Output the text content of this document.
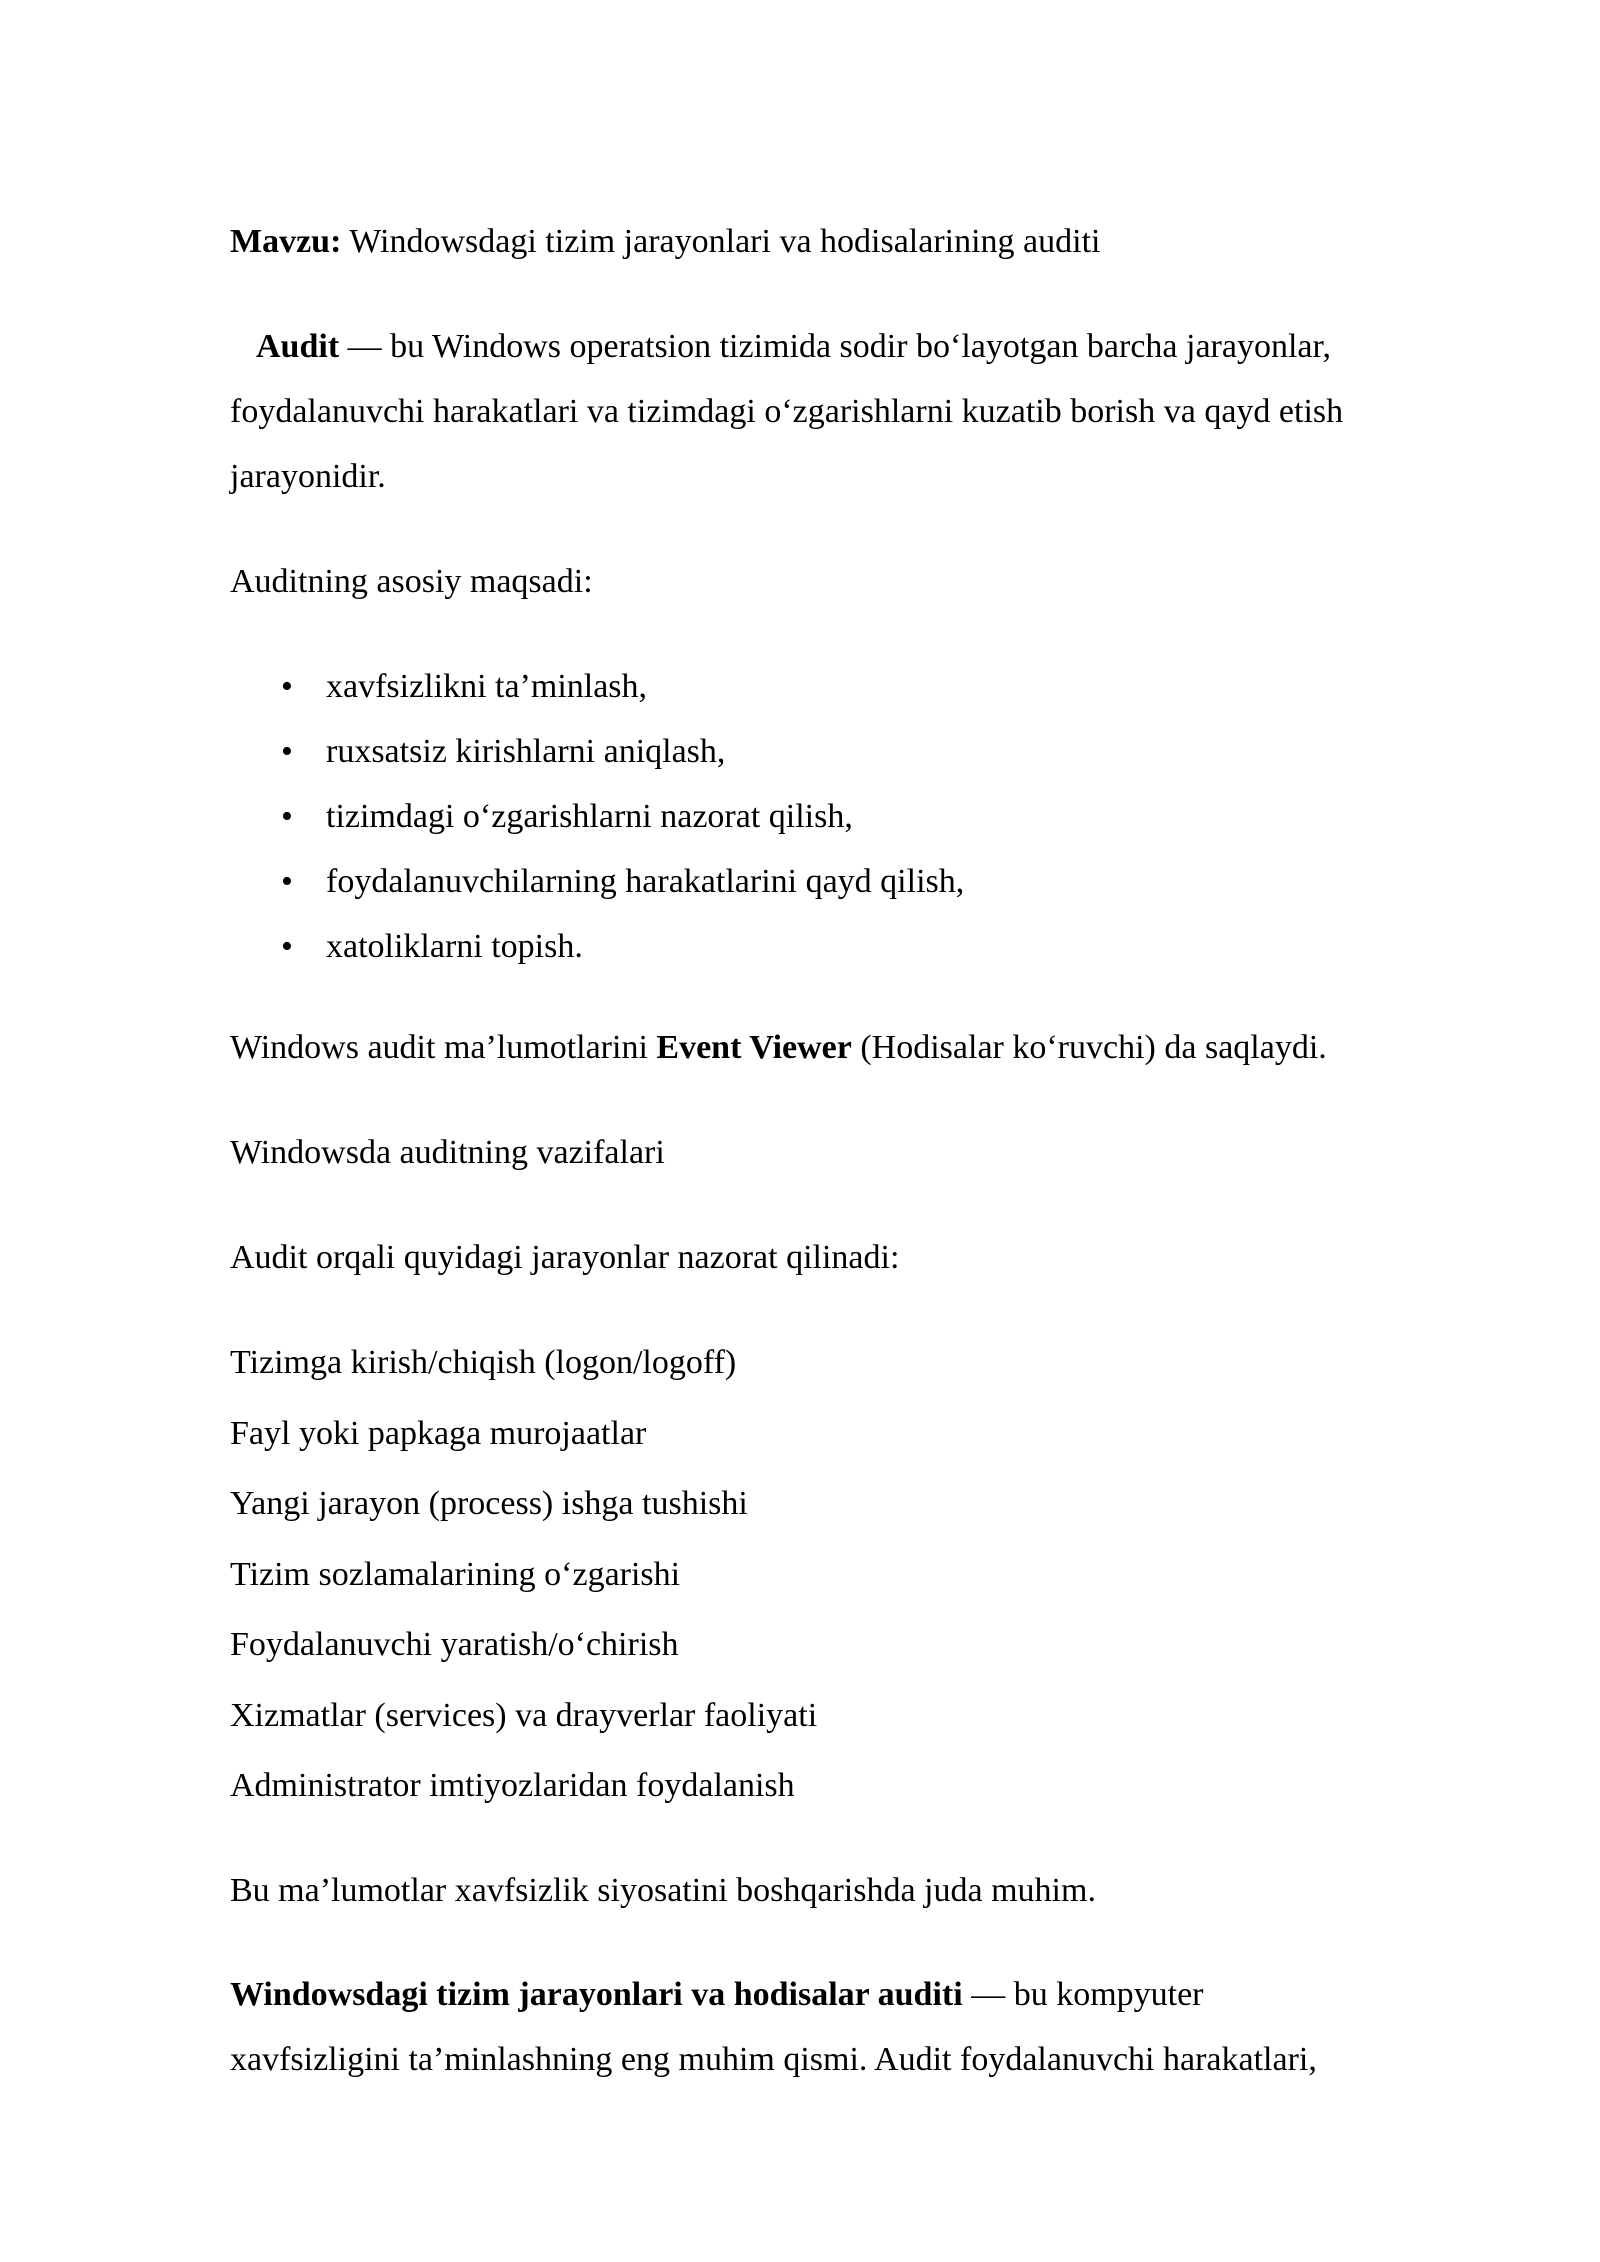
Mavzu: Windowsdagi tizim jarayonlari va hodisalarining auditi
Audit — bu Windows operatsion tizimida sodir bo‘layotgan barcha jarayonlar,
foydalanuvchi harakatlari va tizimdagi o‘zgarishlarni kuzatib borish va qayd etish
jarayonidir.
Auditning asosiy maqsadi:
• xavfsizlikni ta’minlash,
• ruxsatsiz kirishlarni aniqlash,
• tizimdagi o‘zgarishlarni nazorat qilish,
• foydalanuvchilarning harakatlarini qayd qilish,
• xatoliklarni topish.
Windows audit ma’lumotlarini Event Viewer (Hodisalar ko‘ruvchi) da saqlaydi.
Windowsda auditning vazifalari
Audit orqali quyidagi jarayonlar nazorat qilinadi:
Tizimga kirish/chiqish (logon/logoff)
Fayl yoki papkaga murojaatlar
Yangi jarayon (process) ishga tushishi
Tizim sozlamalarining o‘zgarishi
Foydalanuvchi yaratish/o‘chirish
Xizmatlar (services) va drayverlar faoliyati
Administrator imtiyozlaridan foydalanish
Bu ma’lumotlar xavfsizlik siyosatini boshqarishda juda muhim.
Windowsdagi tizim jarayonlari va hodisalar auditi — bu kompyuter
xavfsizligini ta’minlashning eng muhim qismi. Audit foydalanuvchi harakatlari,
